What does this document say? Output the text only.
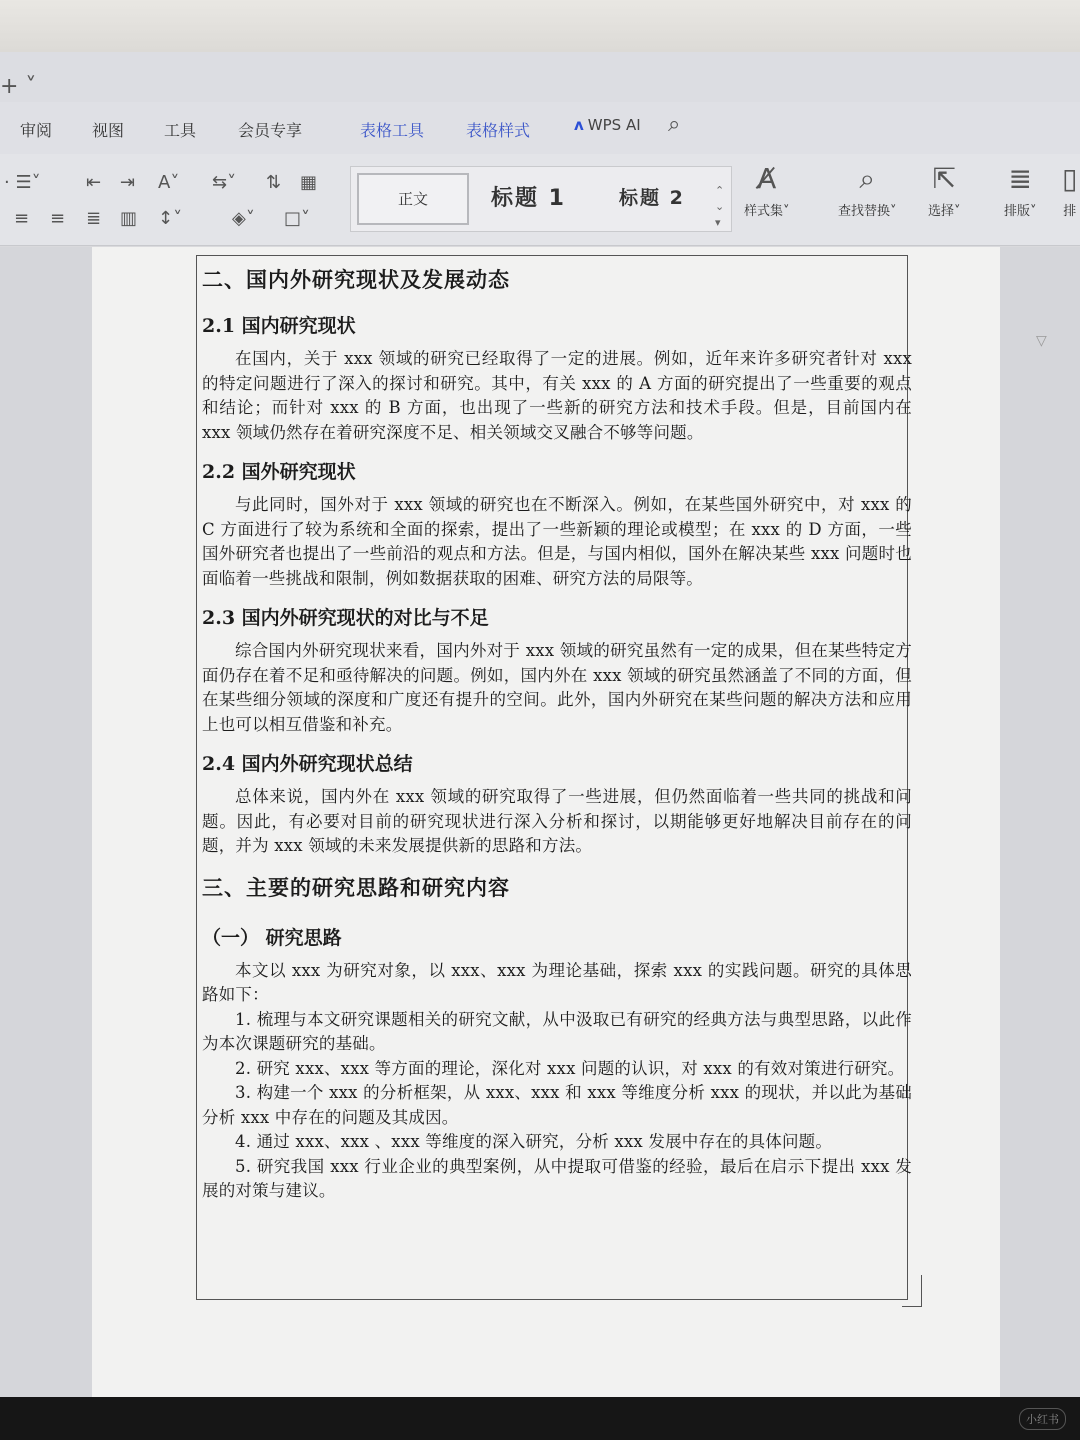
+ ˅
审阅 视图 工具	会员专享	表格工具	表格样式	ʌ WPS AI ⌕
· ☰˅	⇤ ⇥ A˅ ⇆˅ ⇅ ▦
≡ ≡ ≣ ▥ ↕˅	◈˅ □˅
正文	标题 1	标题 2	⌃
⌄
▾
A̸
样式集˅
⌕
查找替换˅
⇱
选择˅
≣
排版˅
▯
排
二、国内外研究现状及发展动态
2.1 国内研究现状

在国内，关于 xxx 领域的研究已经取得了一定的进展。例如，近年来许多研究者针对 xxx 的特定问题进行了深入的探讨和研究。其中，有关 xxx 的 A 方面的研究提出了一些重要的观点和结论；而针对 xxx 的 B 方面，也出现了一些新的研究方法和技术手段。但是，目前国内在 xxx 领域仍然存在着研究深度不足、相关领域交叉融合不够等问题。

2.2 国外研究现状

与此同时，国外对于 xxx 领域的研究也在不断深入。例如，在某些国外研究中，对 xxx 的 C 方面进行了较为系统和全面的探索，提出了一些新颖的理论或模型；在 xxx 的 D 方面，一些国外研究者也提出了一些前沿的观点和方法。但是，与国内相似，国外在解决某些 xxx 问题时也面临着一些挑战和限制，例如数据获取的困难、研究方法的局限等。

2.3 国内外研究现状的对比与不足

综合国内外研究现状来看，国内外对于 xxx 领域的研究虽然有一定的成果，但在某些特定方面仍存在着不足和亟待解决的问题。例如，国内外在 xxx 领域的研究虽然涵盖了不同的方面，但在某些细分领域的深度和广度还有提升的空间。此外，国内外研究在某些问题的解决方法和应用上也可以相互借鉴和补充。

2.4 国内外研究现状总结

总体来说，国内外在 xxx 领域的研究取得了一些进展，但仍然面临着一些共同的挑战和问题。因此，有必要对目前的研究现状进行深入分析和探讨，以期能够更好地解决目前存在的问题，并为 xxx 领域的未来发展提供新的思路和方法。

三、主要的研究思路和研究内容
（一） 研究思路

本文以 xxx 为研究对象，以 xxx、xxx 为理论基础，探索 xxx 的实践问题。研究的具体思路如下：

1. 梳理与本文研究课题相关的研究文献，从中汲取已有研究的经典方法与典型思路，以此作为本次课题研究的基础。

2. 研究 xxx、xxx 等方面的理论，深化对 xxx 问题的认识，对 xxx 的有效对策进行研究。

3. 构建一个 xxx 的分析框架，从 xxx、xxx 和 xxx 等维度分析 xxx 的现状，并以此为基础分析 xxx 中存在的问题及其成因。

4. 通过 xxx、xxx 、xxx 等维度的深入研究，分析 xxx 发展中存在的具体问题。

5. 研究我国 xxx 行业企业的典型案例，从中提取可借鉴的经验，最后在启示下提出 xxx 发展的对策与建议。

▽
小红书
